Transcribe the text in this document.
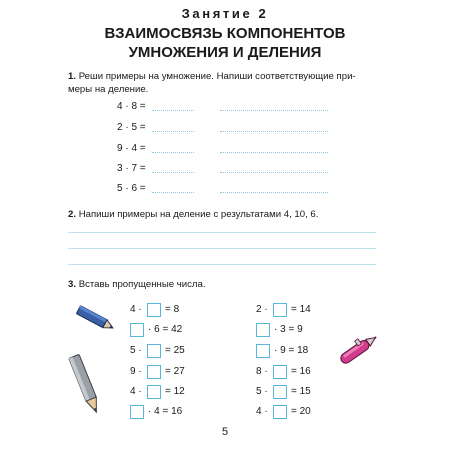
Занятие 2
ВЗАИМОСВЯЗЬ КОМПОНЕНТОВ
УМНОЖЕНИЯ И ДЕЛЕНИЯ
1. Реши примеры на умножение. Напиши соответствующие при-
меры на деление.
4 · 8 =
2 · 5 =
9 · 4 =
3 · 7 =
5 · 6 =
2. Напиши примеры на деление с результатами 4, 10, 6.
3. Вставь пропущенные числа.
4 · = 8
· 6 = 42
5 · = 25
9 · = 27
4 · = 12
· 4 = 16
2 · = 14
· 3 = 9
· 9 = 18
8 · = 16
5 · = 15
4 · = 20
5
